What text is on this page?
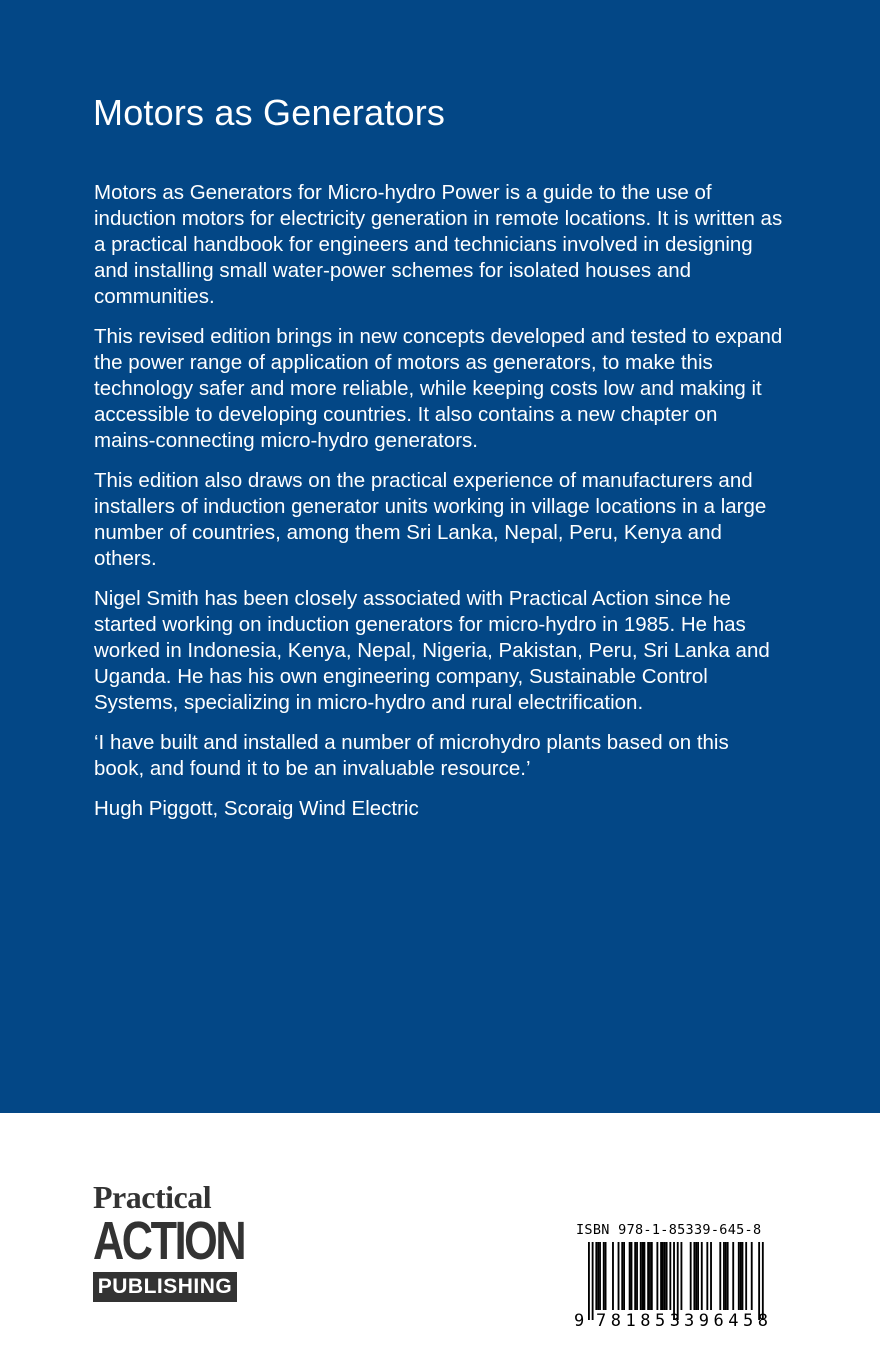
Motors as Generators

Motors as Generators for Micro-hydro Power is a guide to the use of induction motors for electricity generation in remote locations. It is written as a practical handbook for engineers and technicians involved in designing and installing small water-power schemes for isolated houses and communities.

This revised edition brings in new concepts developed and tested to expand the power range of application of motors as generators, to make this technology safer and more reliable, while keeping costs low and making it accessible to developing countries. It also contains a new chapter on mains-connecting micro-hydro generators.

This edition also draws on the practical experience of manufacturers and installers of induction generator units working in village locations in a large number of countries, among them Sri Lanka, Nepal, Peru, Kenya and others.

Nigel Smith has been closely associated with Practical Action since he started working on induction generators for micro-hydro in 1985. He has worked in Indonesia, Kenya, Nepal, Nigeria, Pakistan, Peru, Sri Lanka and Uganda. He has his own engineering company, Sustainable Control Systems, specializing in micro-hydro and rural electrification.

‘I have built and installed a number of microhydro plants based on this book, and found it to be an invaluable resource.’

Hugh Piggott, Scoraig Wind Electric

Practical
ACTION
PUBLISHING
ISBN 978-1-85339-645-8
9 781853 396458
